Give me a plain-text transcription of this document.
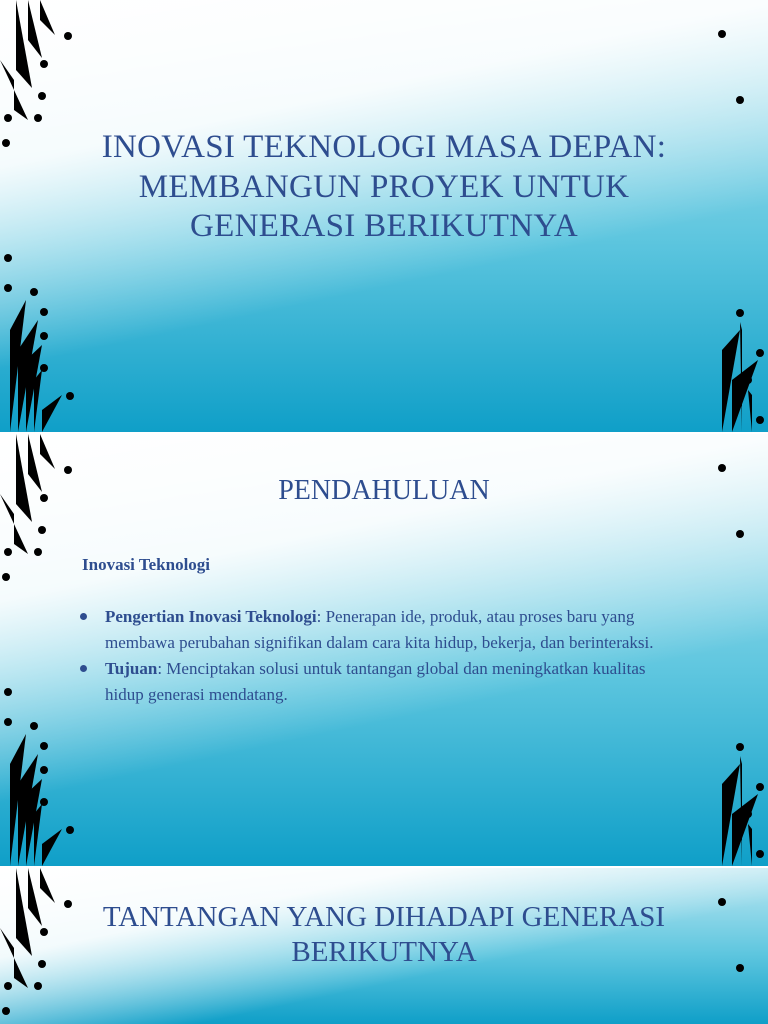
INOVASI TEKNOLOGI MASA DEPAN: MEMBANGUN PROYEK UNTUK GENERASI BERIKUTNYA
PENDAHULUAN
Inovasi Teknologi
Pengertian Inovasi Teknologi: Penerapan ide, produk, atau proses baru yang membawa perubahan signifikan dalam cara kita hidup, bekerja, dan berinteraksi.
Tujuan: Menciptakan solusi untuk tantangan global dan meningkatkan kualitas hidup generasi mendatang.
TANTANGAN YANG DIHADAPI GENERASI BERIKUTNYA
